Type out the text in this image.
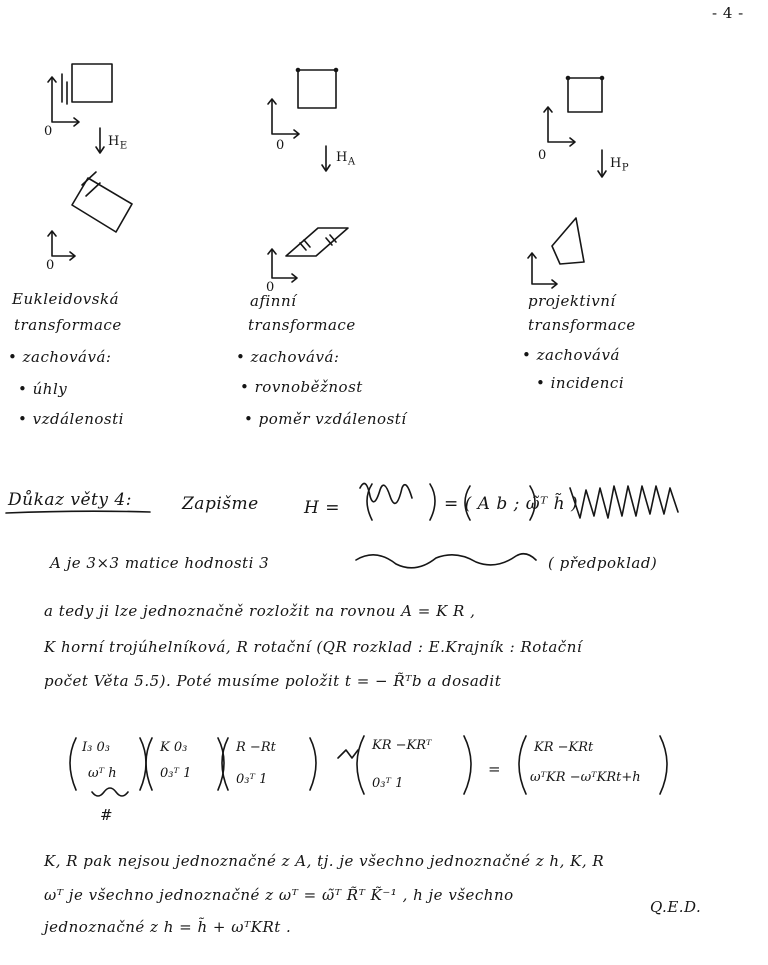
- 4 -
0
$H_E$
0
0
$H_A$
0
0
$H_P$
Eukleidovská
transformace
• zachovává:
• úhly
• vzdálenosti
afinní
transformace
• zachovává:
• rovnoběžnost
• poměr vzdáleností
projektivní
transformace
• zachovává
• incidenci
Důkaz věty 4:	Zapišme	H =	= ( A b ; ω̃ᵀ h̃ )
A je 3×3 matice hodnosti 3	( předpoklad)
a tedy ji lze jednoznačně rozložit na rovnou A = K R ,
K horní trojúhelníková, R rotační (QR rozklad : E.Krajník : Rotační
počet Věta 5.5). Poté musíme položit t = − R̃ᵀb a dosadit
I₃ 0₃
ωᵀ h
K 0₃
0₃ᵀ 1
R −Rt
0₃ᵀ 1
KR −KRᵀ
0₃ᵀ 1
=
KR −KRt
ωᵀKR −ωᵀKRt+h
#
K, R pak nejsou jednoznačné z A, tj. je všechno jednoznačné z h, K, R
ωᵀ je všechno jednoznačné z ωᵀ = ω̃ᵀ R̃ᵀ K̃⁻¹ , h je všechno
Q.E.D.
jednoznačné z h = h̃ + ωᵀKRt .
